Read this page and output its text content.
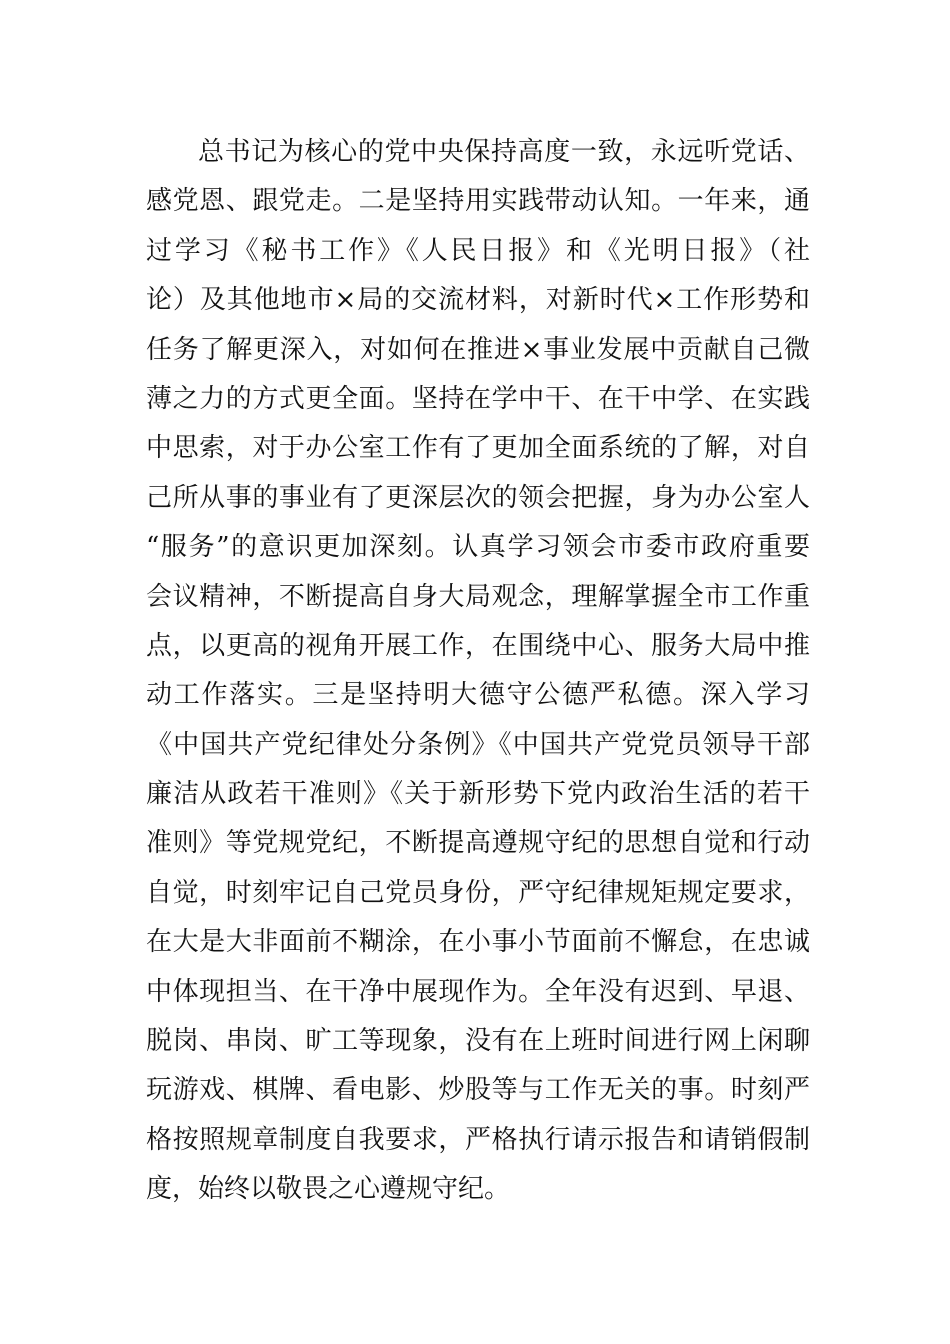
总书记为核心的党中央保持高度一致，永远听党话、
感党恩、跟党走。二是坚持用实践带动认知。一年来，通
过学习《秘书工作》《人民日报》和《光明日报》（社
论）及其他地市×局的交流材料，对新时代×工作形势和
任务了解更深入，对如何在推进×事业发展中贡献自己微
薄之力的方式更全面。坚持在学中干、在干中学、在实践
中思索，对于办公室工作有了更加全面系统的了解，对自
己所从事的事业有了更深层次的领会把握，身为办公室人
“服务”的意识更加深刻。认真学习领会市委市政府重要
会议精神，不断提高自身大局观念，理解掌握全市工作重
点，以更高的视角开展工作，在围绕中心、服务大局中推
动工作落实。三是坚持明大德守公德严私德。深入学习
《中国共产党纪律处分条例》《中国共产党党员领导干部
廉洁从政若干准则》《关于新形势下党内政治生活的若干
准则》等党规党纪，不断提高遵规守纪的思想自觉和行动
自觉，时刻牢记自己党员身份，严守纪律规矩规定要求，
在大是大非面前不糊涂，在小事小节面前不懈怠，在忠诚
中体现担当、在干净中展现作为。全年没有迟到、早退、
脱岗、串岗、旷工等现象，没有在上班时间进行网上闲聊
玩游戏、棋牌、看电影、炒股等与工作无关的事。时刻严
格按照规章制度自我要求，严格执行请示报告和请销假制
度，始终以敬畏之心遵规守纪。
